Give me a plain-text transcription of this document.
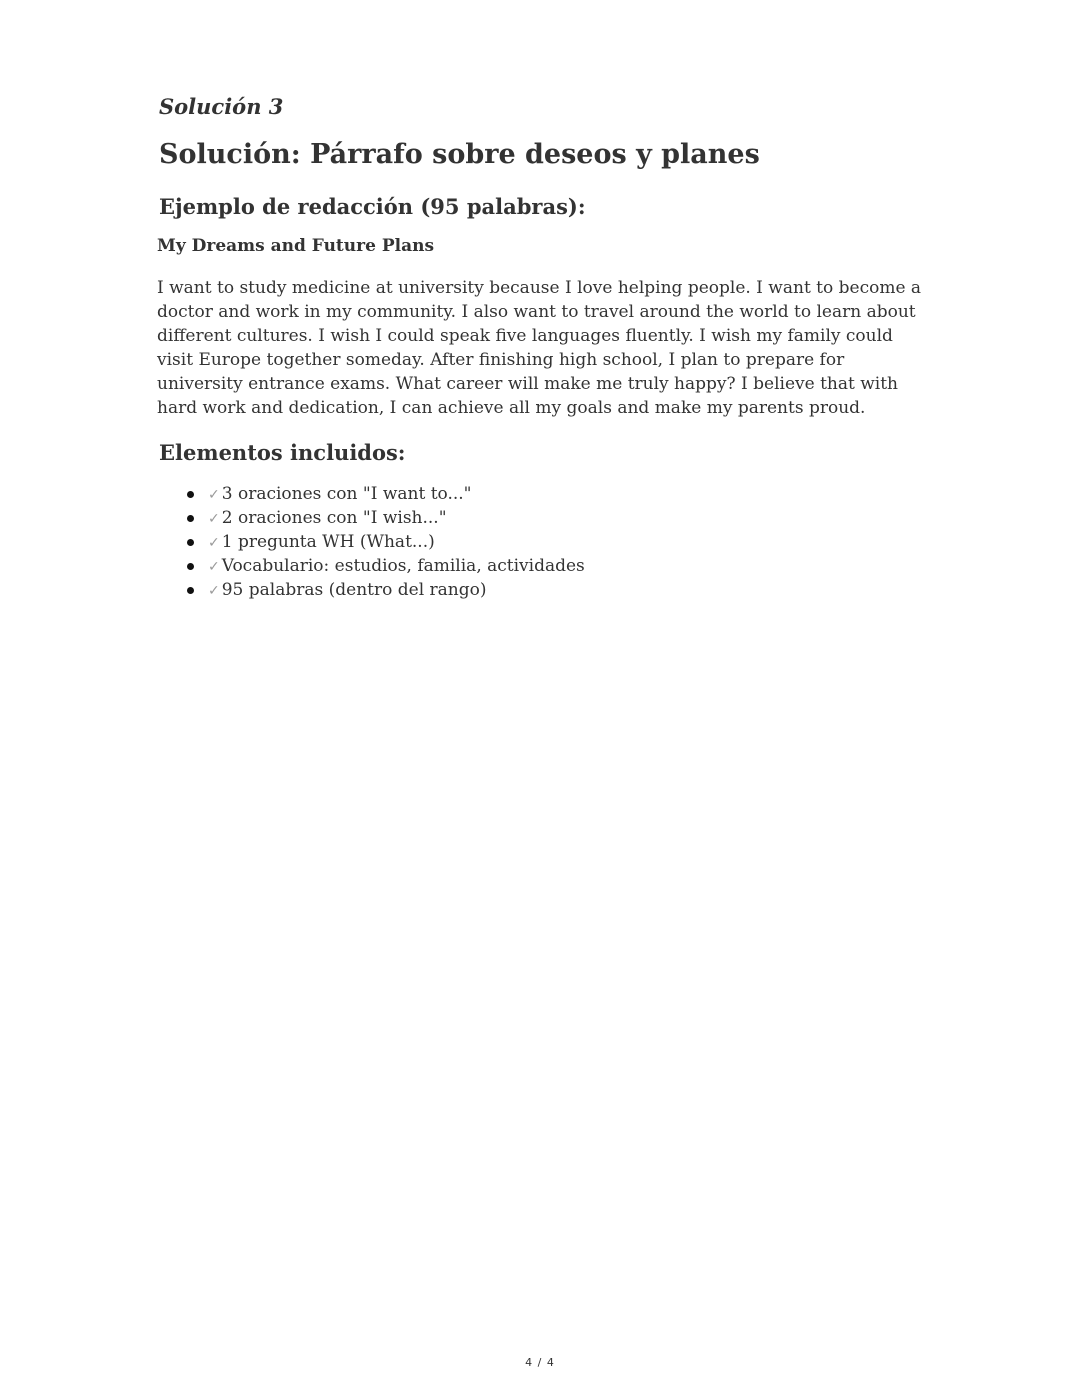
Solución 3
Solución: Párrafo sobre deseos y planes
Ejemplo de redacción (95 palabras):
My Dreams and Future Plans

I want to study medicine at university because I love helping people. I want to become a doctor and work in my community. I also want to travel around the world to learn about different cultures. I wish I could speak five languages fluently. I wish my family could visit Europe together someday. After finishing high school, I plan to prepare for university entrance exams. What career will make me truly happy? I believe that with hard work and dedication, I can achieve all my goals and make my parents proud.

Elementos incluidos:
✓ 3 oraciones con "I want to..."
✓ 2 oraciones con "I wish..."
✓ 1 pregunta WH (What...)
✓ Vocabulario: estudios, familia, actividades
✓ 95 palabras (dentro del rango)
4 / 4
